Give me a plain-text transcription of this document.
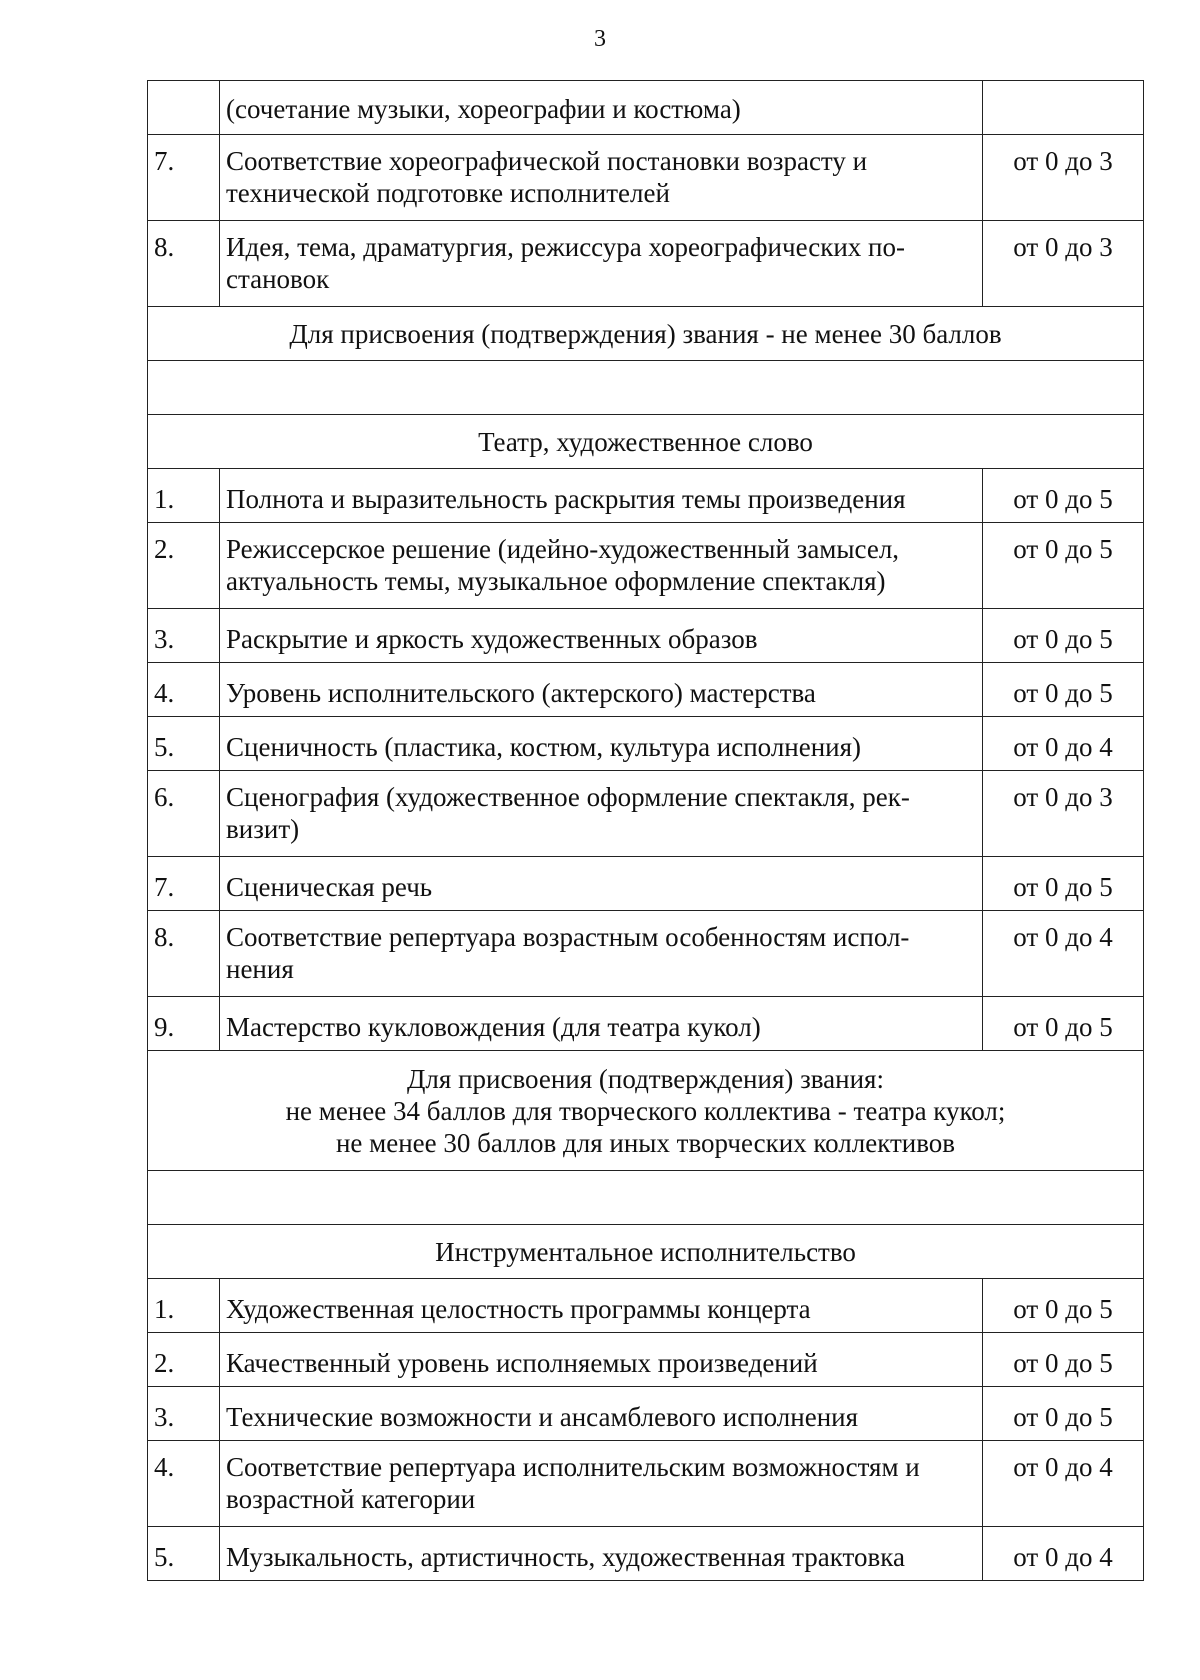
3
	(сочетание музыки, хореографии и костюма)	
7.	Соответствие хореографической постановки возрасту и технической подготовке исполнителей	от 0 до 3
8.	Идея, тема, драматургия, режиссура хореографических по-становок	от 0 до 3

Для присвоения (подтверждения) звания - не менее 30 баллов		

Театр, художественное слово		
1.	Полнота и выразительность раскрытия темы произведения	от 0 до 5
2.	Режиссерское решение (идейно-художественный замысел, актуальность темы, музыкальное оформление спектакля)	от 0 до 5
3.	Раскрытие и яркость художественных образов	от 0 до 5
4.	Уровень исполнительского (актерского) мастерства	от 0 до 5
5.	Сценичность (пластика, костюм, культура исполнения)	от 0 до 4
6.	Сценография (художественное оформление спектакля, рек-визит)	от 0 до 3
7.	Сценическая речь	от 0 до 5
8.	Соответствие репертуара возрастным особенностям испол-нения	от 0 до 4
9.	Мастерство кукловождения (для театра кукол)	от 0 до 5

Для присвоения (подтверждения) звания:
не менее 34 баллов для творческого коллектива - театра кукол;
не менее 30 баллов для иных творческих коллективов		

Инструментальное исполнительство		
1.	Художественная целостность программы концерта	от 0 до 5
2.	Качественный уровень исполняемых произведений	от 0 до 5
3.	Технические возможности и ансамблевого исполнения	от 0 до 5
4.	Соответствие репертуара исполнительским возможностям и возрастной категории	от 0 до 4
5.	Музыкальность, артистичность, художественная трактовка	от 0 до 4
